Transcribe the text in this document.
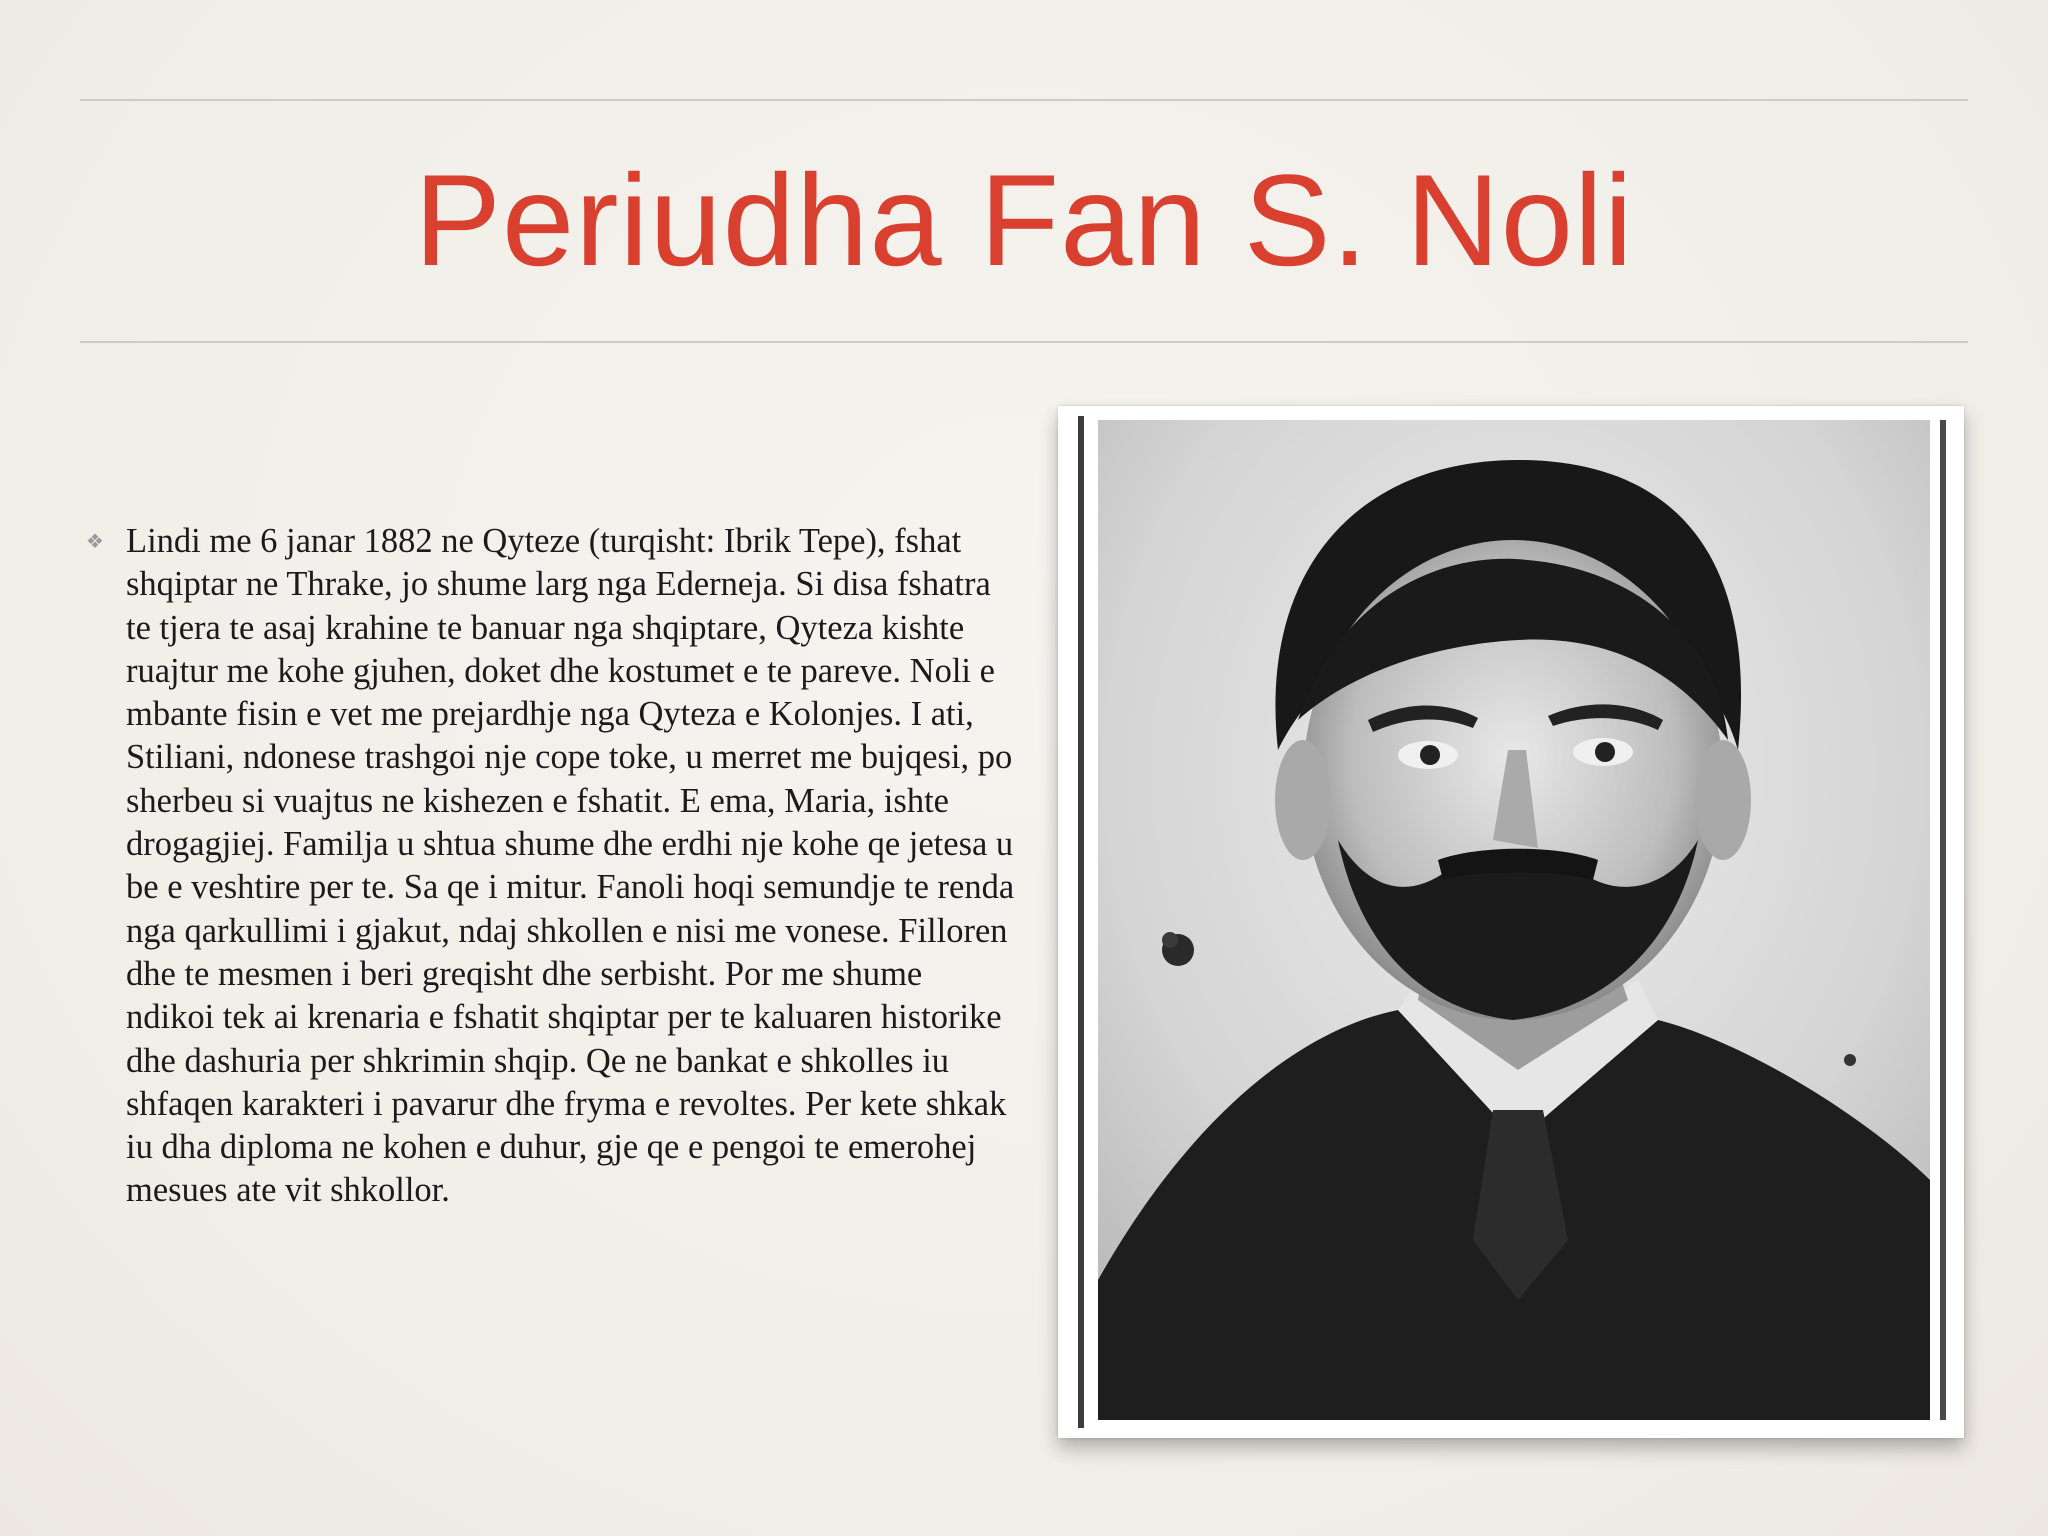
Periudha Fan S. Noli
❖ Lindi me 6 janar 1882 ne Qyteze (turqisht: Ibrik Tepe), fshat shqiptar ne Thrake, jo shume larg nga Ederneja. Si disa fshatra te tjera te asaj krahine te banuar nga shqiptare, Qyteza kishte ruajtur me kohe gjuhen, doket dhe kostumet e te pareve. Noli e mbante fisin e vet me prejardhje nga Qyteza e Kolonjes. I ati, Stiliani, ndonese trashgoi nje cope toke, u merret me bujqesi, po sherbeu si vuajtus ne kishezen e fshatit. E ema, Maria, ishte drogagjiej. Familja u shtua shume dhe erdhi nje kohe qe jetesa u be e veshtire per te. Sa qe i mitur. Fanoli hoqi semundje te renda nga qarkullimi i gjakut, ndaj shkollen e nisi me vonese. Filloren dhe te mesmen i beri greqisht dhe serbisht. Por me shume ndikoi tek ai krenaria e fshatit shqiptar per te kaluaren historike dhe dashuria per shkrimin shqip. Qe ne bankat e shkolles iu shfaqen karakteri i pavarur dhe fryma e revoltes. Per kete shkak iu dha diploma ne kohen e duhur, gje qe e pengoi te emerohej mesues ate vit shkollor.
